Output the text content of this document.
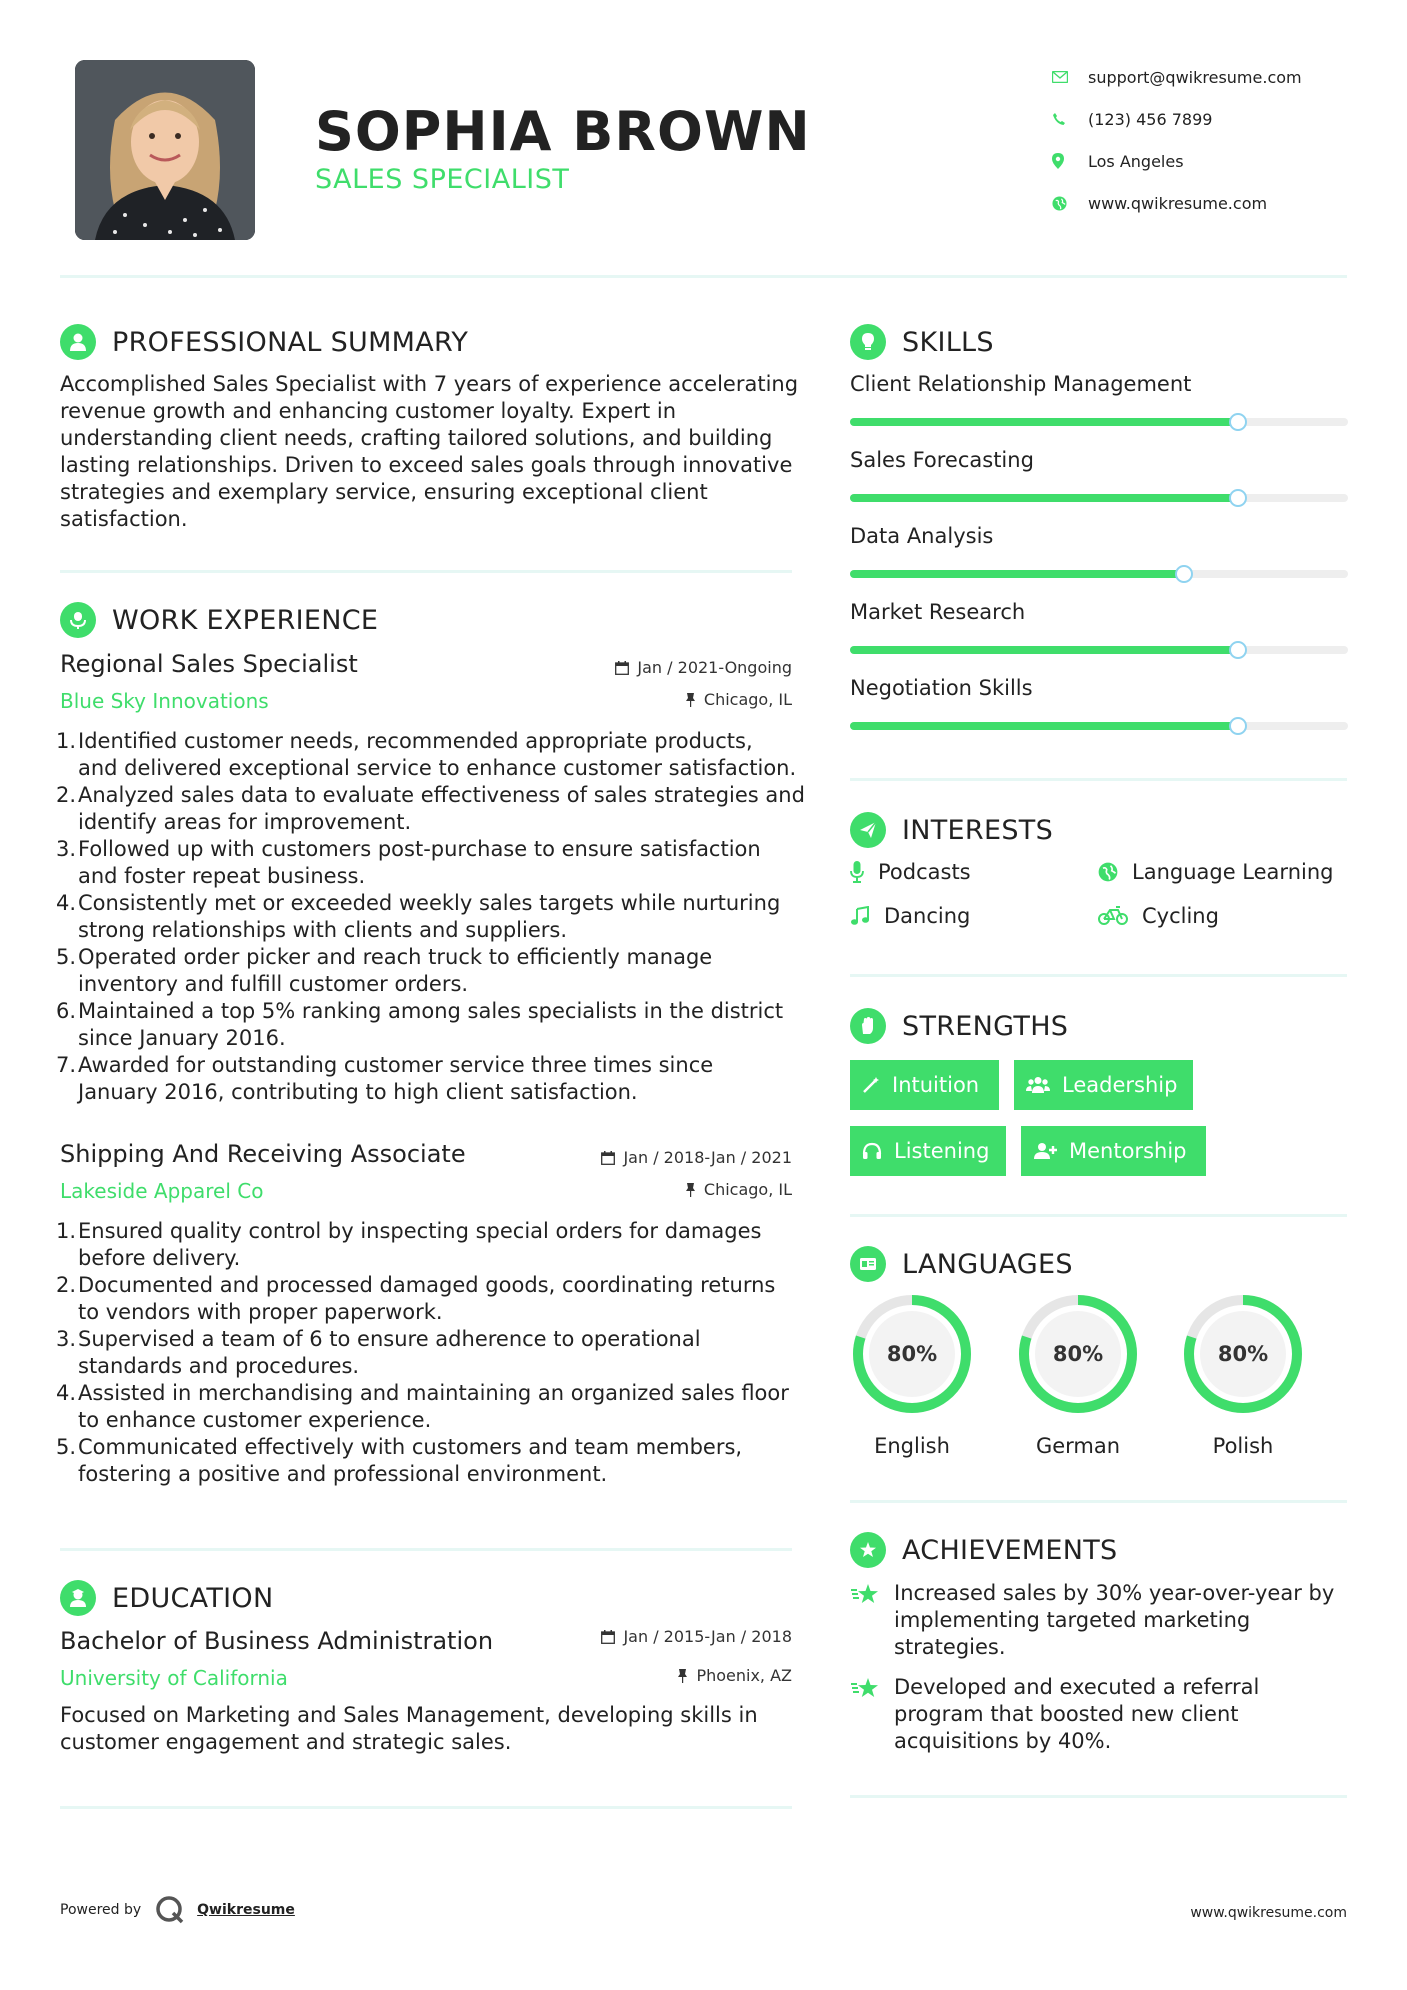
SOPHIA BROWN
SALES SPECIALIST
support@qwikresume.com
(123) 456 7899
Los Angeles
www.qwikresume.com
PROFESSIONAL SUMMARY
Accomplished Sales Specialist with 7 years of experience accelerating
revenue growth and enhancing customer loyalty. Expert in
understanding client needs, crafting tailored solutions, and building
lasting relationships. Driven to exceed sales goals through innovative
strategies and exemplary service, ensuring exceptional client
satisfaction.
WORK EXPERIENCE
Regional Sales Specialist
Blue Sky Innovations
Jan / 2021-Ongoing
Chicago, IL
1. Identified customer needs, recommended appropriate products,
and delivered exceptional service to enhance customer satisfaction.
2. Analyzed sales data to evaluate effectiveness of sales strategies and
identify areas for improvement.
3. Followed up with customers post-purchase to ensure satisfaction
and foster repeat business.
4. Consistently met or exceeded weekly sales targets while nurturing
strong relationships with clients and suppliers.
5. Operated order picker and reach truck to efficiently manage
inventory and fulfill customer orders.
6. Maintained a top 5% ranking among sales specialists in the district
since January 2016.
7. Awarded for outstanding customer service three times since
January 2016, contributing to high client satisfaction.
Shipping And Receiving Associate
Lakeside Apparel Co
Jan / 2018-Jan / 2021
Chicago, IL
1. Ensured quality control by inspecting special orders for damages
before delivery.
2. Documented and processed damaged goods, coordinating returns
to vendors with proper paperwork.
3. Supervised a team of 6 to ensure adherence to operational
standards and procedures.
4. Assisted in merchandising and maintaining an organized sales floor
to enhance customer experience.
5. Communicated effectively with customers and team members,
fostering a positive and professional environment.
EDUCATION
Bachelor of Business Administration
University of California
Jan / 2015-Jan / 2018
Phoenix, AZ
Focused on Marketing and Sales Management, developing skills in
customer engagement and strategic sales.
SKILLS
Client Relationship Management
Sales Forecasting
Data Analysis
Market Research
Negotiation Skills
INTERESTS
Podcasts	Language Learning
Dancing	Cycling
STRENGTHS
Intuition	Leadership
Listening	Mentorship
LANGUAGES
80%
English
80%
German
80%
Polish
ACHIEVEMENTS
Increased sales by 30% year-over-year by
implementing targeted marketing
strategies.
Developed and executed a referral
program that boosted new client
acquisitions by 40%.
Powered by	Qwikresume	www.qwikresume.com
